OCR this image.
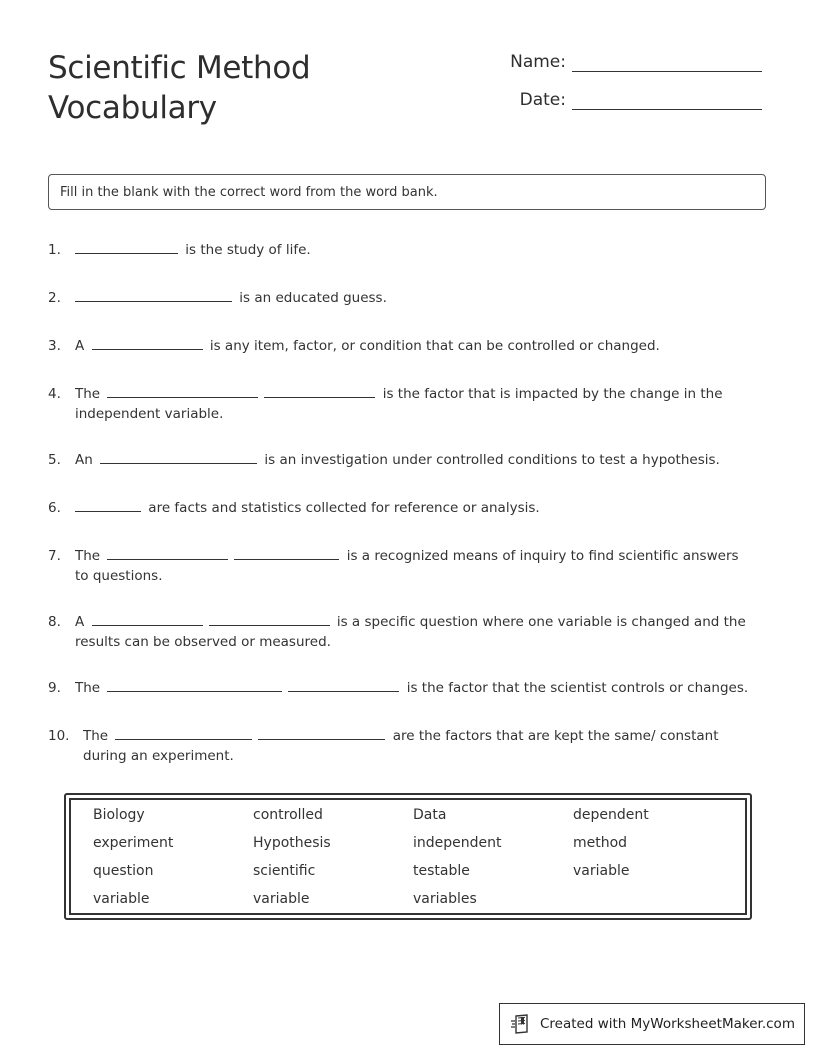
Scientific Method
Vocabulary
Name:
Date:
Fill in the blank with the correct word from the word bank.
1.	is the study of life.
2.	is an educated guess.
3. A	is any item, factor, or condition that can be controlled or changed.
4. The	is the factor that is impacted by the change in the
independent variable.
5. An	is an investigation under controlled conditions to test a hypothesis.
6.	are facts and statistics collected for reference or analysis.
7. The	is a recognized means of inquiry to find scientific answers
to questions.
8. A	is a specific question where one variable is changed and the
results can be observed or measured.
9. The	is the factor that the scientist controls or changes.
10. The	are the factors that are kept the same/ constant
during an experiment.
Biology	controlled	Data	dependent
experiment	Hypothesis	independent	method
question	scientific	testable	variable
variable	variable	variables
Created with MyWorksheetMaker.com
